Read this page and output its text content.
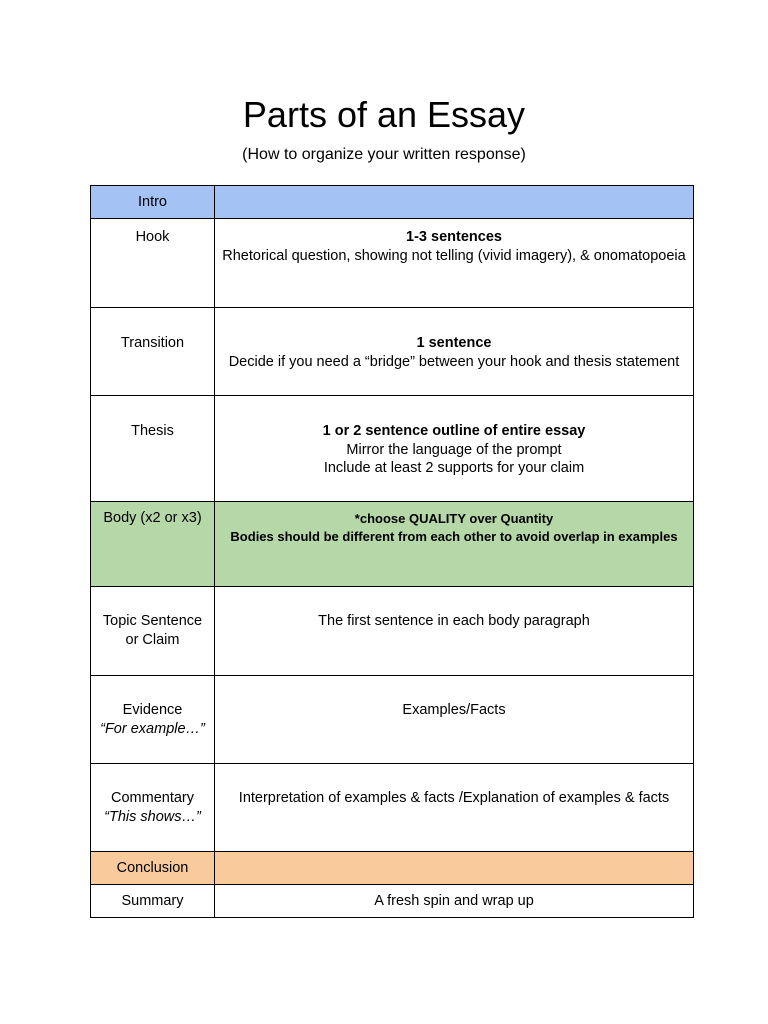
Parts of an Essay

(How to organize your written response)

Intro	
Hook	1-3 sentences
Rhetorical question, showing not telling (vivid imagery), & onomatopoeia

Transition	1 sentence
Decide if you need a “bridge” between your hook and thesis statement

Thesis	1 or 2 sentence outline of entire essay
Mirror the language of the prompt
Include at least 2 supports for your claim

Body (x2 or x3)	*choose QUALITY over Quantity
Bodies should be different from each other to avoid overlap in examples

Topic Sentence or Claim	The first sentence in each body paragraph

Evidence
“For example…”	Examples/Facts

Commentary
“This shows…”	Interpretation of examples & facts /Explanation of examples & facts

Conclusion	
Summary	A fresh spin and wrap up
